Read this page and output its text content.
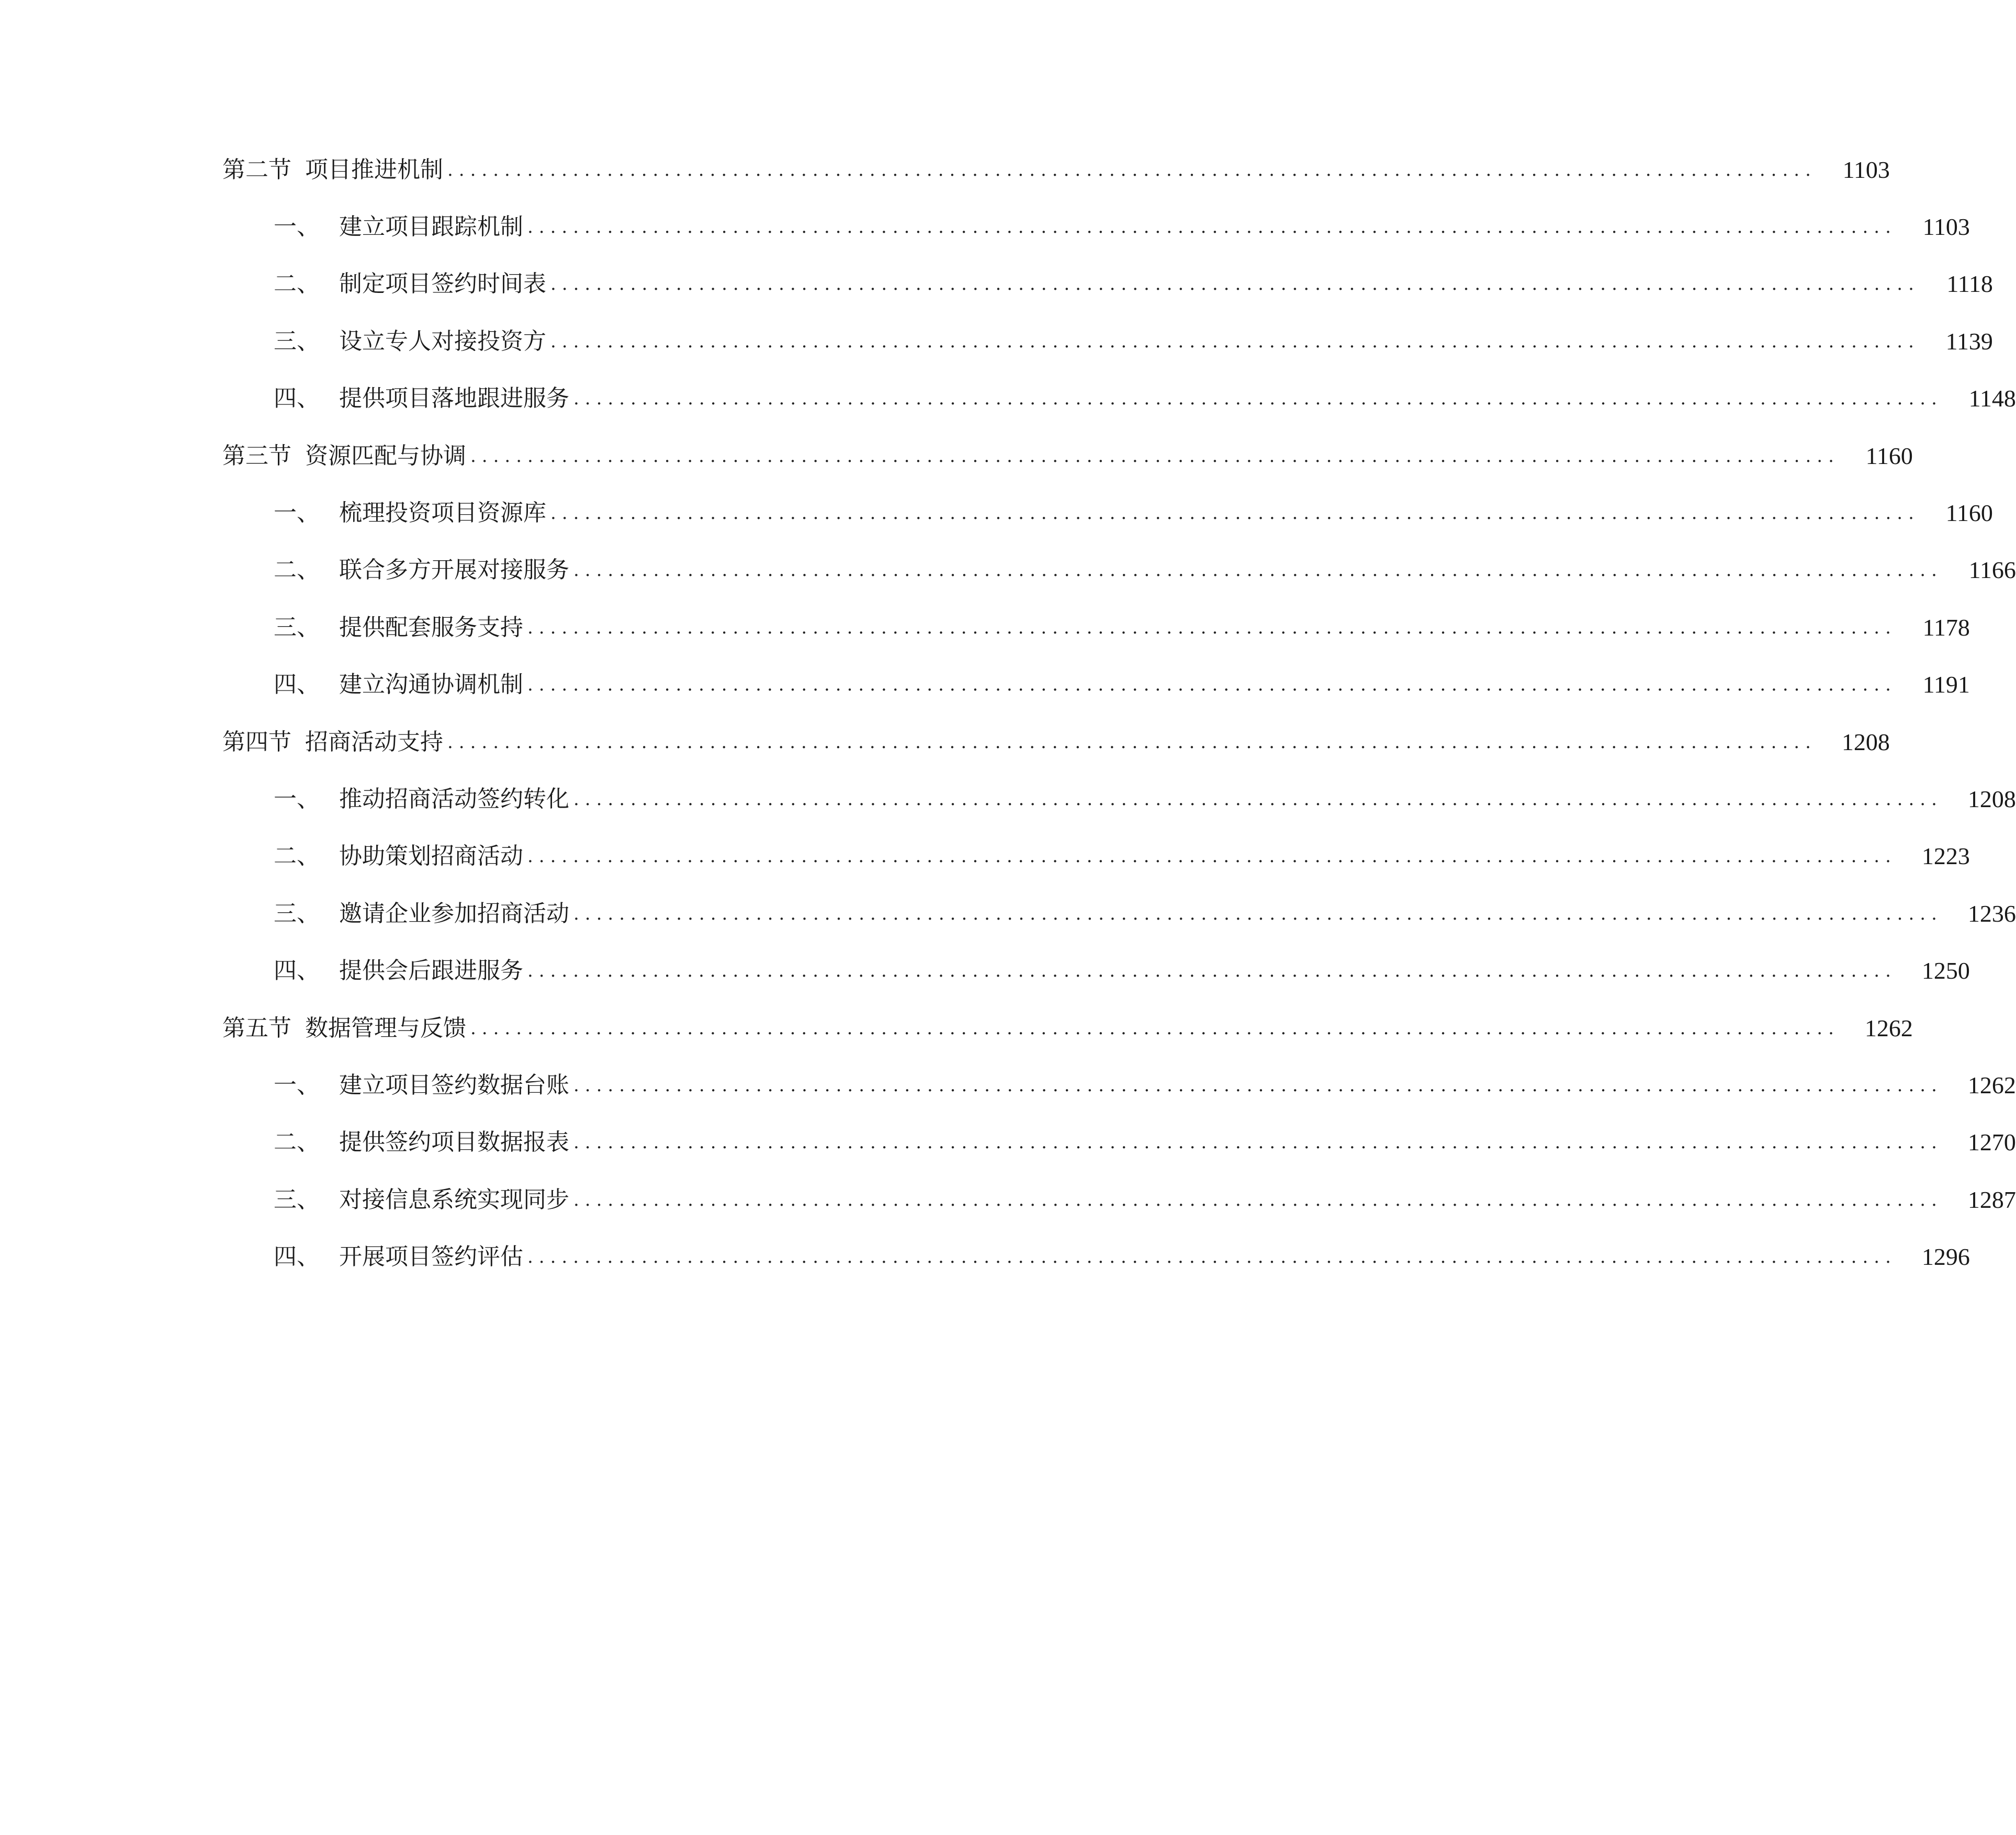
第二节 项目推进机制 ........................................................................................................................	1103
一、 建立项目跟踪机制 ........................................................................................................................	1103
二、 制定项目签约时间表 ........................................................................................................................	1118
三、 设立专人对接投资方 ........................................................................................................................	1139
四、 提供项目落地跟进服务 ........................................................................................................................	1148
第三节 资源匹配与协调 ........................................................................................................................	1160
一、 梳理投资项目资源库 ........................................................................................................................	1160
二、 联合多方开展对接服务 ........................................................................................................................	1166
三、 提供配套服务支持 ........................................................................................................................	1178
四、 建立沟通协调机制 ........................................................................................................................	1191
第四节 招商活动支持 ........................................................................................................................	1208
一、 推动招商活动签约转化 ........................................................................................................................	1208
二、 协助策划招商活动 ........................................................................................................................	1223
三、 邀请企业参加招商活动 ........................................................................................................................	1236
四、 提供会后跟进服务 ........................................................................................................................	1250
第五节 数据管理与反馈 ........................................................................................................................	1262
一、 建立项目签约数据台账 ........................................................................................................................	1262
二、 提供签约项目数据报表 ........................................................................................................................	1270
三、 对接信息系统实现同步 ........................................................................................................................	1287
四、 开展项目签约评估 ........................................................................................................................	1296
